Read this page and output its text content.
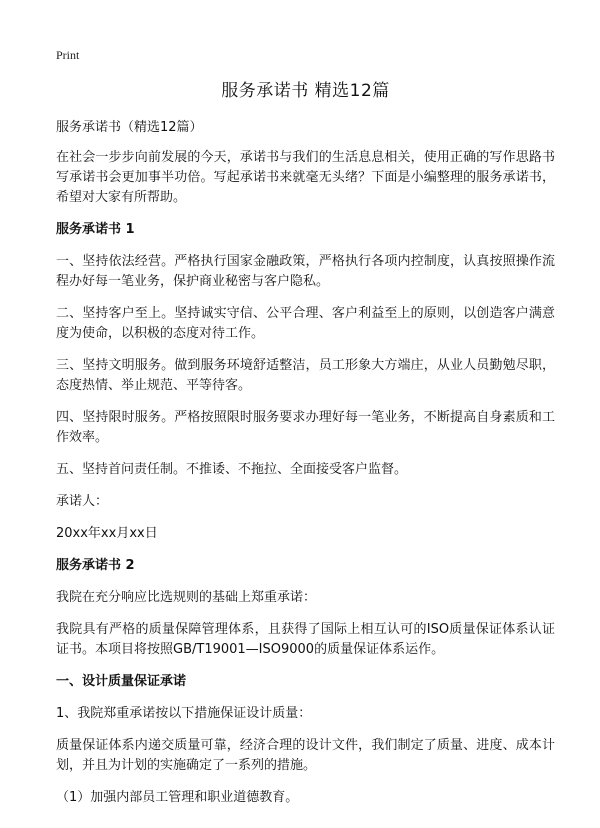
Print
服务承诺书 精选12篇

服务承诺书（精选12篇）

在社会一步步向前发展的今天，承诺书与我们的生活息息相关，使用正确的写作思路书写承诺书会更加事半功倍。写起承诺书来就毫无头绪？下面是小编整理的服务承诺书，希望对大家有所帮助。

服务承诺书 1

一、坚持依法经营。严格执行国家金融政策，严格执行各项内控制度，认真按照操作流程办好每一笔业务，保护商业秘密与客户隐私。

二、坚持客户至上。坚持诚实守信、公平合理、客户利益至上的原则，以创造客户满意度为使命，以积极的态度对待工作。

三、坚持文明服务。做到服务环境舒适整洁，员工形象大方端庄，从业人员勤勉尽职，态度热情、举止规范、平等待客。

四、坚持限时服务。严格按照限时服务要求办理好每一笔业务，不断提高自身素质和工作效率。

五、坚持首问责任制。不推诿、不拖拉、全面接受客户监督。

承诺人：

20xx年xx月xx日

服务承诺书 2

我院在充分响应比选规则的基础上郑重承诺：

我院具有严格的质量保障管理体系，且获得了国际上相互认可的ISO质量保证体系认证证书。本项目将按照GB/T19001—ISO9000的质量保证体系运作。

一、设计质量保证承诺

1、我院郑重承诺按以下措施保证设计质量：

质量保证体系内递交质量可靠，经济合理的设计文件，我们制定了质量、进度、成本计划，并且为计划的实施确定了一系列的措施。

（1）加强内部员工管理和职业道德教育。
